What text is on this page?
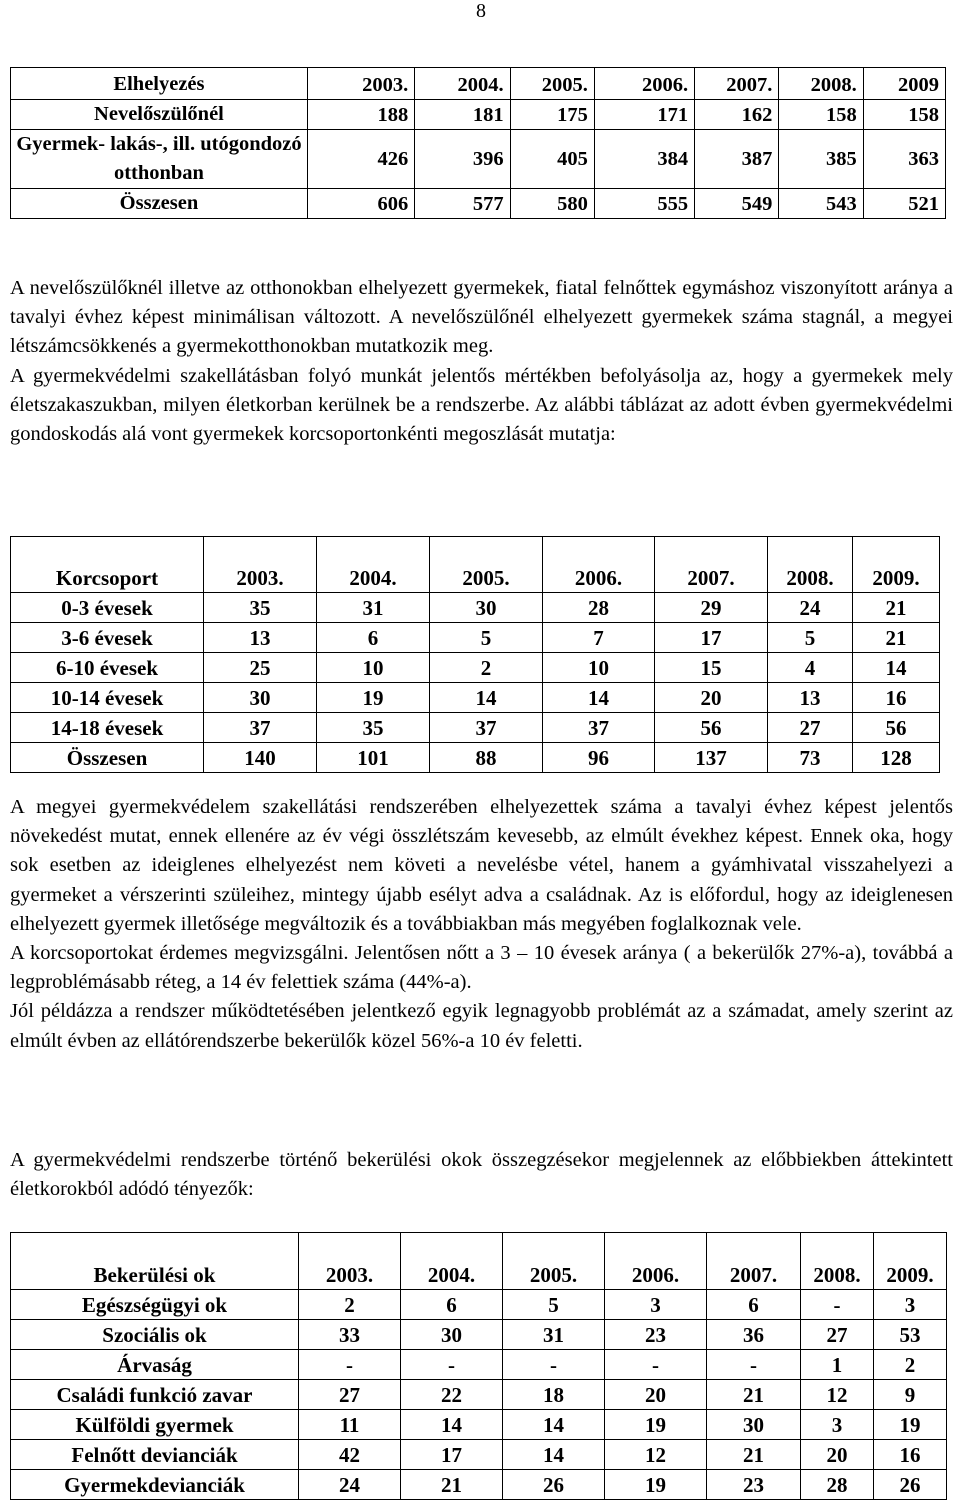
8
Elhelyezés	2003.	2004.	2005.	2006.	2007.	2008.	2009
Nevelőszülőnél	188	181	175	171	162	158	158
Gyermek- lakás-, ill. utógondozó otthonban	426	396	405	384	387	385	363
Összesen	606	577	580	555	549	543	521

A nevelőszülőknél illetve az otthonokban elhelyezett gyermekek, fiatal felnőttek egymáshoz viszonyított aránya a tavalyi évhez képest minimálisan változott. A nevelőszülőnél elhelyezett gyermekek száma stagnál, a megyei létszámcsökkenés a gyermekotthonokban mutatkozik meg.

A gyermekvédelmi szakellátásban folyó munkát jelentős mértékben befolyásolja az, hogy a gyermekek mely életszakaszukban, milyen életkorban kerülnek be a rendszerbe. Az alábbi táblázat az adott évben gyermekvédelmi gondoskodás alá vont gyermekek korcsoportonkénti megoszlását mutatja:

Korcsoport	2003.	2004.	2005.	2006.	2007.	2008.	2009.
0-3 évesek	35	31	30	28	29	24	21
3-6 évesek	13	6	5	7	17	5	21
6-10 évesek	25	10	2	10	15	4	14
10-14 évesek	30	19	14	14	20	13	16
14-18 évesek	37	35	37	37	56	27	56
Összesen	140	101	88	96	137	73	128

A megyei gyermekvédelem szakellátási rendszerében elhelyezettek száma a tavalyi évhez képest jelentős növekedést mutat, ennek ellenére az év végi összlétszám kevesebb, az elmúlt évekhez képest. Ennek oka, hogy sok esetben az ideiglenes elhelyezést nem követi a nevelésbe vétel, hanem a gyámhivatal visszahelyezi a gyermeket a vérszerinti szüleihez, mintegy újabb esélyt adva a családnak. Az is előfordul, hogy az ideiglenesen elhelyezett gyermek illetősége megváltozik és a továbbiakban más megyében foglalkoznak vele.

A korcsoportokat érdemes megvizsgálni. Jelentősen nőtt a 3 – 10 évesek aránya ( a bekerülők 27%-a), továbbá a legproblémásabb réteg, a 14 év felettiek száma (44%-a).

Jól példázza a rendszer működtetésében jelentkező egyik legnagyobb problémát az a számadat, amely szerint az elmúlt évben az ellátórendszerbe bekerülők közel 56%-a 10 év feletti.

A gyermekvédelmi rendszerbe történő bekerülési okok összegzésekor megjelennek az előbbiekben áttekintett életkorokból adódó tényezők:

Bekerülési ok	2003.	2004.	2005.	2006.	2007.	2008.	2009.
Egészségügyi ok	2	6	5	3	6	-	3
Szociális ok	33	30	31	23	36	27	53
Árvaság	-	-	-	-	-	1	2
Családi funkció zavar	27	22	18	20	21	12	9
Külföldi gyermek	11	14	14	19	30	3	19
Felnőtt devianciák	42	17	14	12	21	20	16
Gyermekdevianciák	24	21	26	19	23	28	26
